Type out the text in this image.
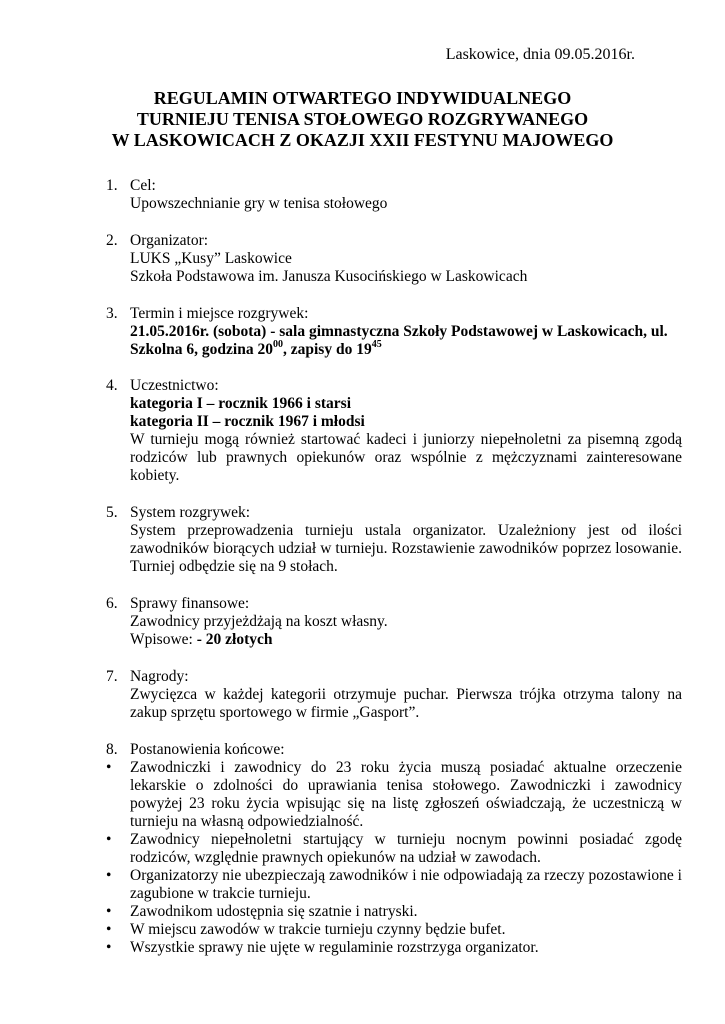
Laskowice, dnia 09.05.2016r.
REGULAMIN OTWARTEGO INDYWIDUALNEGO
TURNIEJU TENISA STOŁOWEGO ROZGRYWANEGO
W LASKOWICACH Z OKAZJI XXII FESTYNU MAJOWEGO
1. Cel:
Upowszechnianie gry w tenisa stołowego
2. Organizator:
LUKS „Kusy” Laskowice
Szkoła Podstawowa im. Janusza Kusocińskiego w Laskowicach
3. Termin i miejsce rozgrywek:
21.05.2016r. (sobota) - sala gimnastyczna Szkoły Podstawowej w Laskowicach, ul.
Szkolna 6, godzina $20^{00}$, zapisy do $19^{45}$
4. Uczestnictwo:
kategoria I – rocznik 1966 i starsi
kategoria II – rocznik 1967 i młodsi
W turnieju mogą również startować kadeci i juniorzy niepełnoletni za pisemną zgodą rodziców lub prawnych opiekunów oraz wspólnie z mężczyznami zainteresowane kobiety.
5. System rozgrywek:
System przeprowadzenia turnieju ustala organizator. Uzależniony jest od ilości zawodników biorących udział w turnieju. Rozstawienie zawodników poprzez losowanie. Turniej odbędzie się na 9 stołach.
6. Sprawy finansowe:
Zawodnicy przyjeżdżają na koszt własny.
Wpisowe: - 20 złotych
7. Nagrody:
Zwycięzca w każdej kategorii otrzymuje puchar. Pierwsza trójka otrzyma talony na zakup sprzętu sportowego w firmie „Gasport”.
8. Postanowienia końcowe:
• Zawodniczki i zawodnicy do 23 roku życia muszą posiadać aktualne orzeczenie lekarskie o zdolności do uprawiania tenisa stołowego. Zawodniczki i zawodnicy powyżej 23 roku życia wpisując się na listę zgłoszeń oświadczają, że uczestniczą w turnieju na własną odpowiedzialność.
• Zawodnicy niepełnoletni startujący w turnieju nocnym powinni posiadać zgodę rodziców, względnie prawnych opiekunów na udział w zawodach.
• Organizatorzy nie ubezpieczają zawodników i nie odpowiadają za rzeczy pozostawione i zagubione w trakcie turnieju.
• Zawodnikom udostępnia się szatnie i natryski.
• W miejscu zawodów w trakcie turnieju czynny będzie bufet.
• Wszystkie sprawy nie ujęte w regulaminie rozstrzyga organizator.
